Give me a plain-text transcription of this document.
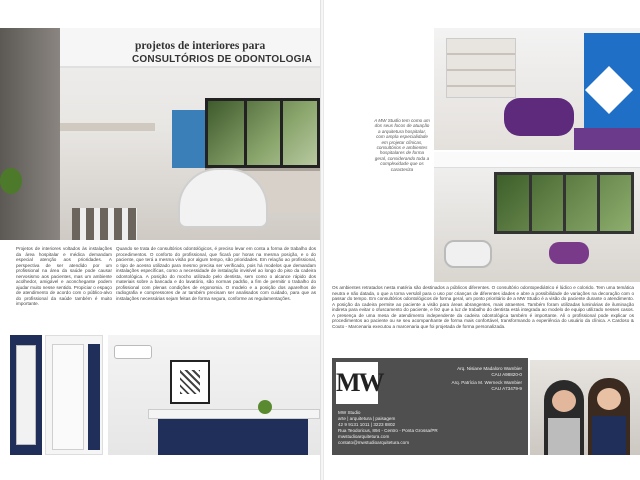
projetos de interiores para
CONSULTÓRIOS DE ODONTOLOGIA
Projetos de interiores voltados às instalações da área hospitalar e médica demandam especial atenção aos prioridades. A perspectiva de ser atendido por um profissional na área da saúde pode causar nervosismo aos pacientes, mas um ambiente acolhedor, amigável e aconchegante podem ajudar muito nesse sentido. Propiciar o espaço de atendimento de acordo com o público-alvo do profissional da saúde também é muito importante.
Quando se trata de consultórios odontológicos, é preciso levar em conta a forma de trabalho dos procedimentos. O conforto do profissional, que ficará por horas na mesma posição, e o do paciente, que terá a mesma visão por algum tempo, são prioridades. Em relação ao profissional, o tipo de acesso utilizado para mesmo precisa ser verificado, pois há modelos que demandam instalações específicas, como a necessidade de instalação invisível ao longo do piso da cadeira odontológica. A posição do mocho utilizado pelo dentista, sem como o alcance rápido dos materiais sobre a bancada e do lavatório, são normas padrão, a fim de permitir o trabalho do profissional com plenas condições de ergonomia. O modelo e a posição dos aparelhos de radiografia e compressores de ar também precisam ser analisados com cuidado, para que as instalações necessárias sejam feitas de forma segura, conforme as regulamentações.
A MW Studio tem como um dos seus focos de atuação a arquitetura hospitalar, com ampla especialidade em projetar clínicas, consultórios e ambientes hospitalares de forma geral, considerando toda a complexidade que os caracteriza
Os ambientes retratados nesta matéria são destinados a públicos diferentes. O consultório odontopediátrico é lúdico e colorido. Tem uma temática neutra e não datada, o que a torna versátil para o uso por crianças de diferentes idades e abre a possibilidade de variações na decoração com o passar do tempo. Em consultórios odontológicos de forma geral, um ponto prioritário de a MW Studio é a visão do paciente durante o atendimento. A posição da cadeira permite ao paciente a visão para áreas abrangentes, mais atraentes. Também foram utilizadas luminárias de iluminação indireta para evitar o ofuscamento do paciente, e fez que a luz de trabalho do dentista está integrada ao modelo de equipo utilizado nesses casos. A presença de uma mesa de atendimento independente da cadeira odontológica também é importante. Ali o profissional pode explicar os procedimentos ao paciente ou se seu acompanhante de forma mais confortável, transformando a experiência do usuário da clínica. A Cardoso & Couto - Marcenaria executou a marcenaria que foi projetada de forma personalizada.
MW	Arq. Nisiane Madaloro Wambier
CAU A98820-0
Arq. Patrícia M. Werneck Wambier
CAU A73479-9
MW Studio
arte | arquitetura | paisagem
42 9 9131 1011 | 3223 8802
Rua Teodoricus, 894 - Centro - Ponta Grossa/PR
mwstudioarquitetura.com
contato@mwstudioarquitetura.com
